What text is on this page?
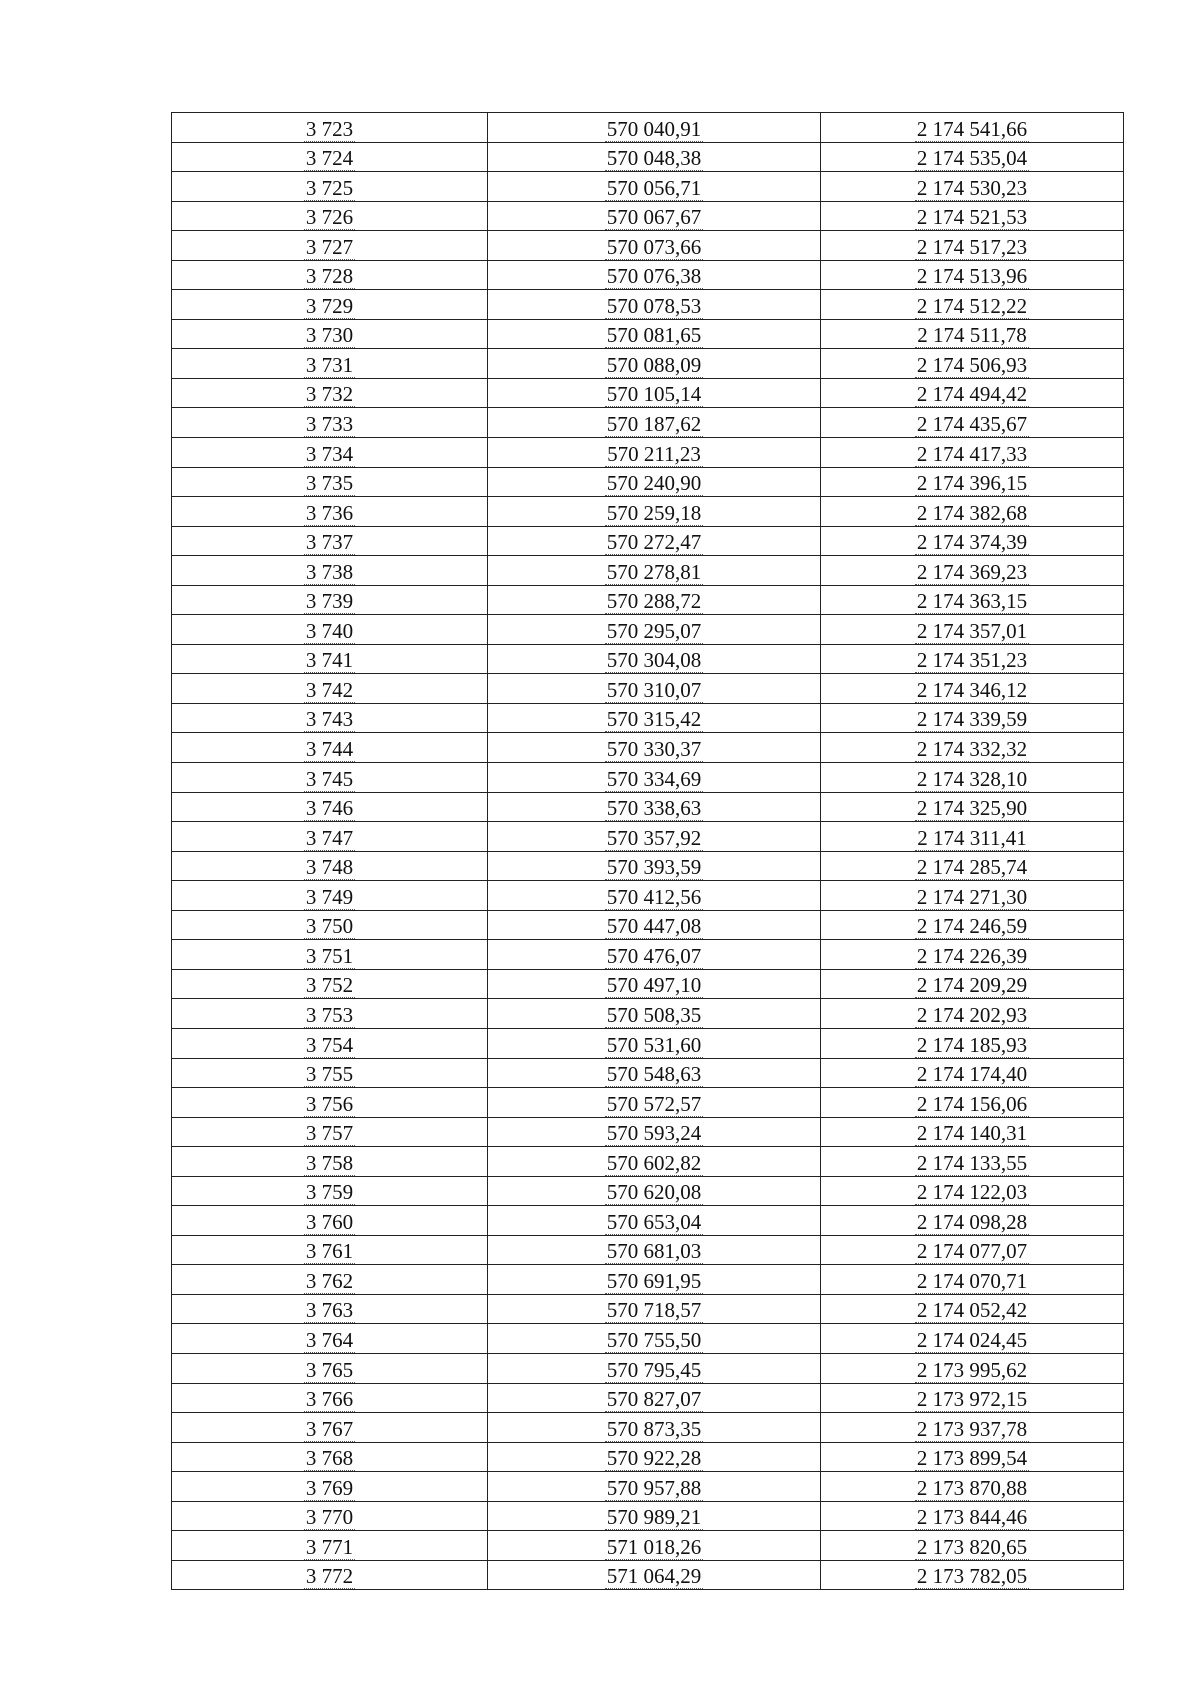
3 723	570 040,91	2 174 541,66
3 724	570 048,38	2 174 535,04
3 725	570 056,71	2 174 530,23
3 726	570 067,67	2 174 521,53
3 727	570 073,66	2 174 517,23
3 728	570 076,38	2 174 513,96
3 729	570 078,53	2 174 512,22
3 730	570 081,65	2 174 511,78
3 731	570 088,09	2 174 506,93
3 732	570 105,14	2 174 494,42
3 733	570 187,62	2 174 435,67
3 734	570 211,23	2 174 417,33
3 735	570 240,90	2 174 396,15
3 736	570 259,18	2 174 382,68
3 737	570 272,47	2 174 374,39
3 738	570 278,81	2 174 369,23
3 739	570 288,72	2 174 363,15
3 740	570 295,07	2 174 357,01
3 741	570 304,08	2 174 351,23
3 742	570 310,07	2 174 346,12
3 743	570 315,42	2 174 339,59
3 744	570 330,37	2 174 332,32
3 745	570 334,69	2 174 328,10
3 746	570 338,63	2 174 325,90
3 747	570 357,92	2 174 311,41
3 748	570 393,59	2 174 285,74
3 749	570 412,56	2 174 271,30
3 750	570 447,08	2 174 246,59
3 751	570 476,07	2 174 226,39
3 752	570 497,10	2 174 209,29
3 753	570 508,35	2 174 202,93
3 754	570 531,60	2 174 185,93
3 755	570 548,63	2 174 174,40
3 756	570 572,57	2 174 156,06
3 757	570 593,24	2 174 140,31
3 758	570 602,82	2 174 133,55
3 759	570 620,08	2 174 122,03
3 760	570 653,04	2 174 098,28
3 761	570 681,03	2 174 077,07
3 762	570 691,95	2 174 070,71
3 763	570 718,57	2 174 052,42
3 764	570 755,50	2 174 024,45
3 765	570 795,45	2 173 995,62
3 766	570 827,07	2 173 972,15
3 767	570 873,35	2 173 937,78
3 768	570 922,28	2 173 899,54
3 769	570 957,88	2 173 870,88
3 770	570 989,21	2 173 844,46
3 771	571 018,26	2 173 820,65
3 772	571 064,29	2 173 782,05
